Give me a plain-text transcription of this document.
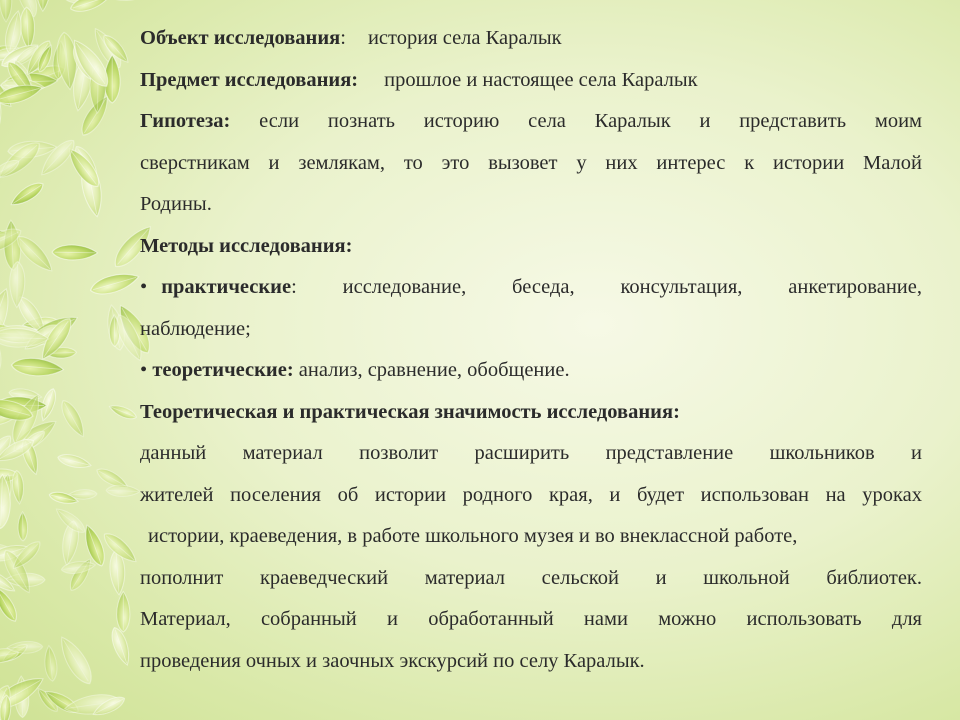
Объект исследования: история села Каралык
Предмет исследования: прошлое и настоящее села Каралык
Гипотеза: если познать историю села Каралык и представить моим
сверстникам и землякам, то это вызовет у них интерес к истории Малой
Родины.
Методы исследования:
• практические: исследование, беседа, консультация, анкетирование,
наблюдение;
• теоретические: анализ, сравнение, обобщение.
Теоретическая и практическая значимость исследования:
данный материал позволит расширить представление школьников и
жителей поселения об истории родного края, и будет использован на уроках
истории, краеведения, в работе школьного музея и во внеклассной работе,
пополнит краеведческий материал сельской и школьной библиотек.
Материал, собранный и обработанный нами можно использовать для
проведения очных и заочных экскурсий по селу Каралык.
